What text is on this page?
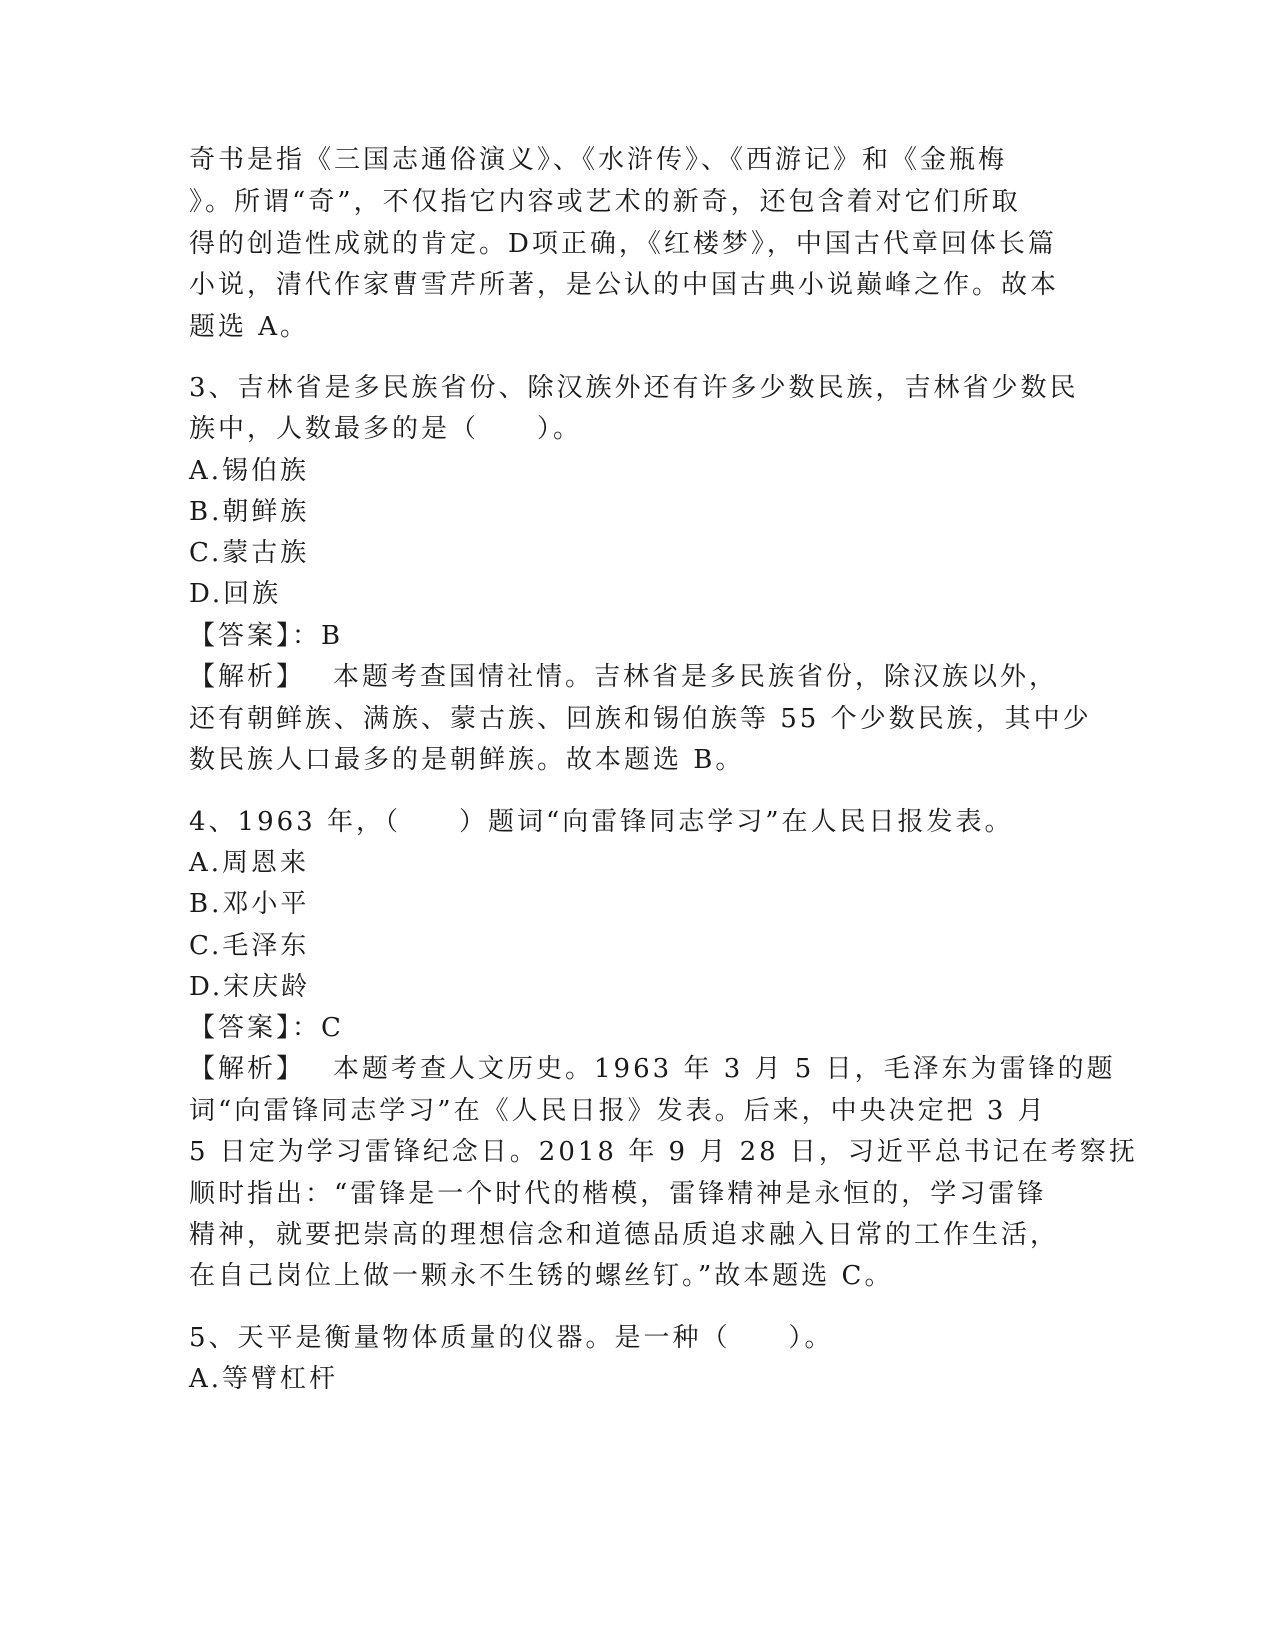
奇书是指《三国志通俗演义》、《水浒传》、《西游记》和《金瓶梅
》。所谓“奇”，不仅指它内容或艺术的新奇，还包含着对它们所取
得的创造性成就的肯定。D项正确，《红楼梦》，中国古代章回体长篇
小说，清代作家曹雪芹所著，是公认的中国古典小说巅峰之作。故本
题选 A。
3、吉林省是多民族省份、除汉族外还有许多少数民族，吉林省少数民
族中，人数最多的是（　　）。
A.锡伯族
B.朝鲜族
C.蒙古族
D.回族
【答案】：B
【解析】 本题考查国情社情。吉林省是多民族省份，除汉族以外，
还有朝鲜族、满族、蒙古族、回族和锡伯族等 55 个少数民族，其中少
数民族人口最多的是朝鲜族。故本题选 B。
4、1963 年，（　　）题词“向雷锋同志学习”在人民日报发表。
A.周恩来
B.邓小平
C.毛泽东
D.宋庆龄
【答案】：C
【解析】 本题考查人文历史。1963 年 3 月 5 日，毛泽东为雷锋的题
词“向雷锋同志学习”在《人民日报》发表。后来，中央决定把 3 月
5 日定为学习雷锋纪念日。2018 年 9 月 28 日，习近平总书记在考察抚
顺时指出：“雷锋是一个时代的楷模，雷锋精神是永恒的，学习雷锋
精神，就要把崇高的理想信念和道德品质追求融入日常的工作生活，
在自己岗位上做一颗永不生锈的螺丝钉。”故本题选 C。
5、天平是衡量物体质量的仪器。是一种（　　）。
A.等臂杠杆
